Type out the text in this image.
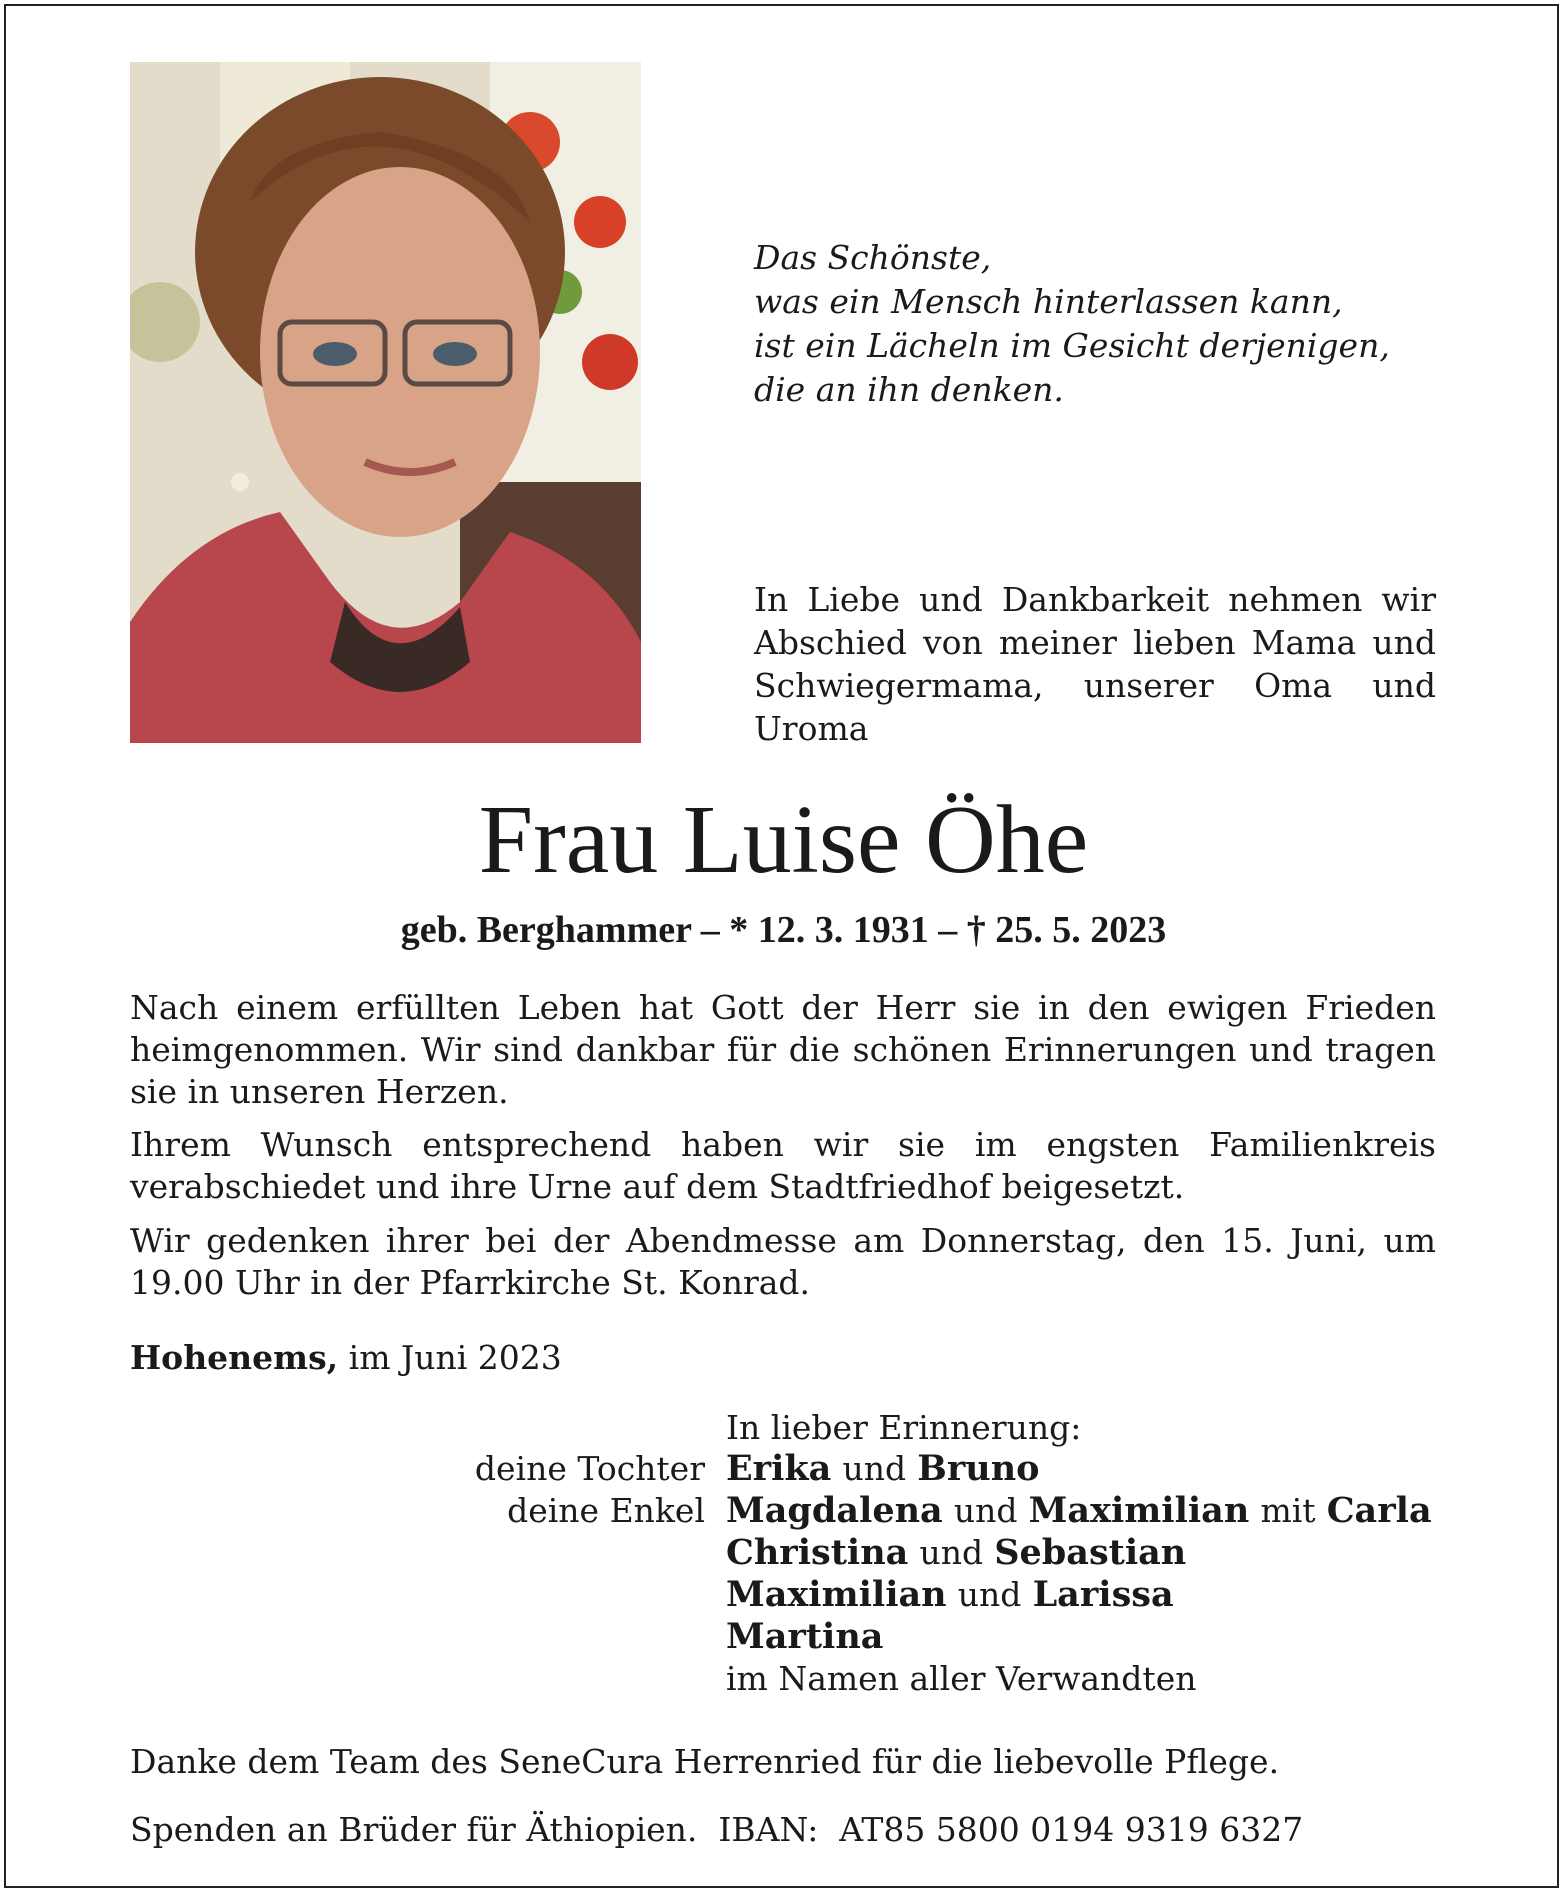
Das Schönste,
was ein Mensch hinterlassen kann,
ist ein Lächeln im Gesicht derjenigen,
die an ihn denken.
In Liebe und Dankbarkeit nehmen wir Abschied von meiner lieben Mama und Schwiegermama, unserer Oma und Uroma
Frau Luise Öhe
geb. Berghammer – * 12. 3. 1931 – † 25. 5. 2023
Nach einem erfüllten Leben hat Gott der Herr sie in den ewigen Frieden heimgenommen. Wir sind dankbar für die schönen Erinnerungen und tragen sie in unseren Herzen.
Ihrem Wunsch entsprechend haben wir sie im engsten Familienkreis verabschiedet und ihre Urne auf dem Stadtfriedhof beigesetzt.
Wir gedenken ihrer bei der Abendmesse am Donnerstag, den 15. Juni, um 19.00 Uhr in der Pfarrkirche St. Konrad.
Hohenems, im Juni 2023
In lieber Erinnerung:
deine Tochter
deine Enkel
Erika und Bruno
Magdalena und Maximilian mit Carla
Christina und Sebastian
Maximilian und Larissa
Martina
im Namen aller Verwandten
Danke dem Team des SeneCura Herrenried für die liebevolle Pflege.
Spenden an Brüder für Äthiopien.  IBAN:  AT85 5800 0194 9319 6327
